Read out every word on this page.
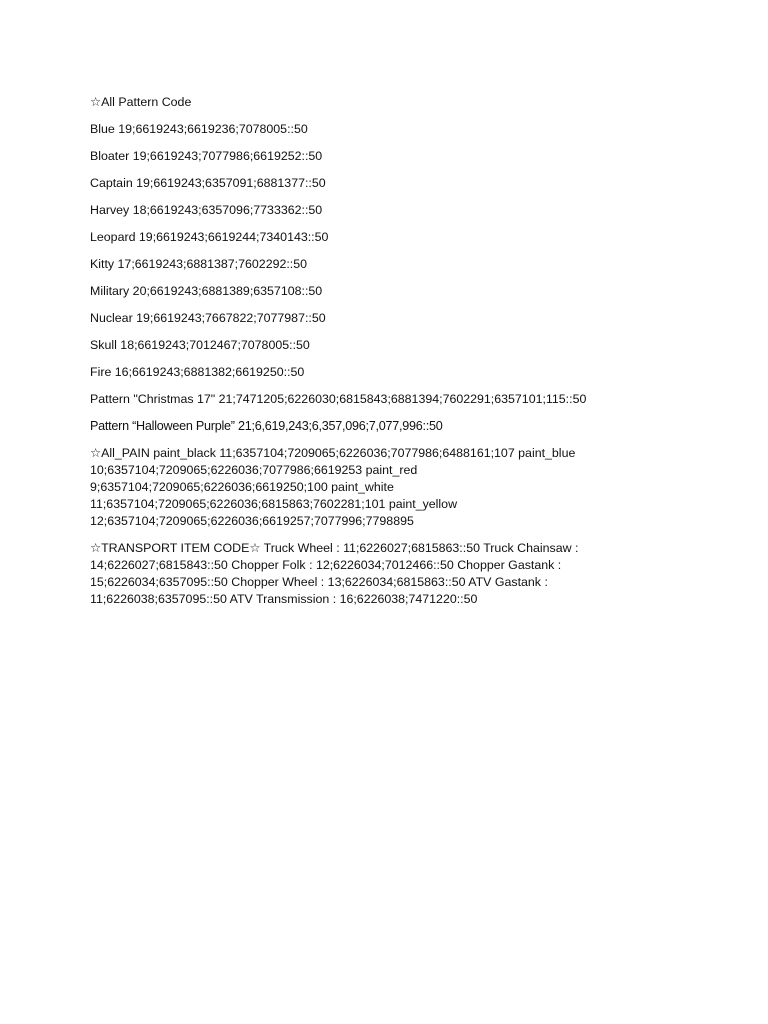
☆All Pattern Code

Blue 19;6619243;6619236;7078005::50

Bloater 19;6619243;7077986;6619252::50

Captain 19;6619243;6357091;6881377::50

Harvey 18;6619243;6357096;7733362::50

Leopard 19;6619243;6619244;7340143::50

Kitty 17;6619243;6881387;7602292::50

Military 20;6619243;6881389;6357108::50

Nuclear 19;6619243;7667822;7077987::50

Skull 18;6619243;7012467;7078005::50

Fire 16;6619243;6881382;6619250::50

Pattern "Christmas 17" 21;7471205;6226030;6815843;6881394;7602291;6357101;115::50

Pattern “Halloween Purple” 21;6,619,243;6,357,096;7,077,996::50

☆All_PAIN paint_black 11;6357104;7209065;6226036;7077986;6488161;107 paint_blue

10;6357104;7209065;6226036;7077986;6619253 paint_red

9;6357104;7209065;6226036;6619250;100 paint_white

11;6357104;7209065;6226036;6815863;7602281;101 paint_yellow

12;6357104;7209065;6226036;6619257;7077996;7798895

☆TRANSPORT ITEM CODE☆ Truck Wheel : 11;6226027;6815863::50 Truck Chainsaw :

14;6226027;6815843::50 Chopper Folk : 12;6226034;7012466::50 Chopper Gastank :

15;6226034;6357095::50 Chopper Wheel : 13;6226034;6815863::50 ATV Gastank :

11;6226038;6357095::50 ATV Transmission : 16;6226038;7471220::50
